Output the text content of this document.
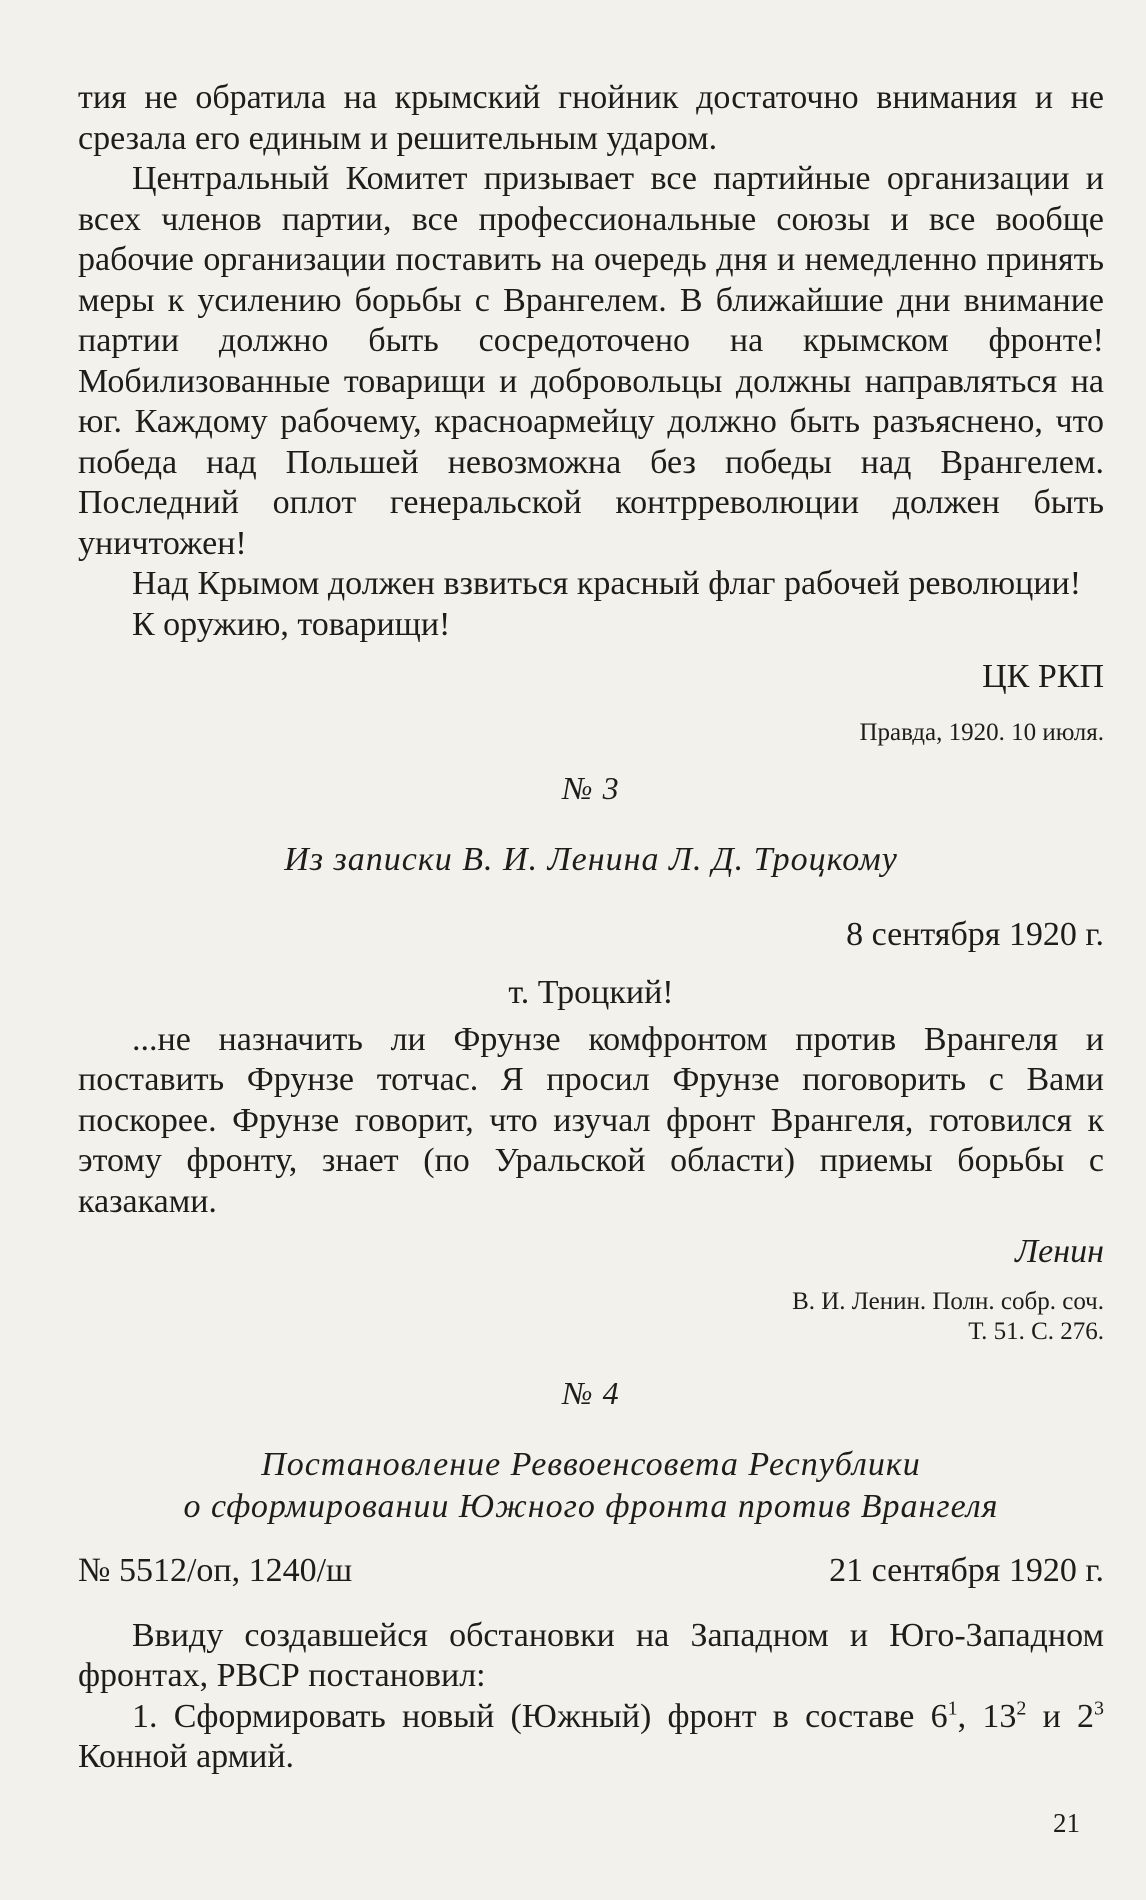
тия не обратила на крымский гнойник достаточно внимания и не срезала его единым и решительным ударом.

Центральный Комитет призывает все партийные организации и всех членов партии, все профессиональные союзы и все вообще рабочие организации поставить на очередь дня и немедленно принять меры к усилению борьбы с Врангелем. В ближайшие дни внимание партии должно быть сосредоточено на крымском фронте! Мобилизованные товарищи и добровольцы должны направляться на юг. Каждому рабочему, красноармейцу должно быть разъяснено, что победа над Польшей невозможна без победы над Врангелем. Последний оплот генеральской контрреволюции должен быть уничтожен!

Над Крымом должен взвиться красный флаг рабочей революции!

К оружию, товарищи!

ЦК РКП

Правда, 1920. 10 июля.

№ 3

Из записки В. И. Ленина Л. Д. Троцкому

8 сентября 1920 г.

т. Троцкий!

...не назначить ли Фрунзе комфронтом против Врангеля и поставить Фрунзе тотчас. Я просил Фрунзе поговорить с Вами поскорее. Фрунзе говорит, что изучал фронт Врангеля, готовился к этому фронту, знает (по Уральской области) приемы борьбы с казаками.

Ленин

В. И. Ленин. Полн. собр. соч.
Т. 51. С. 276.

№ 4

Постановление Реввоенсовета Республики
о сформировании Южного фронта против Врангеля
№ 5512/оп, 1240/ш	21 сентября 1920 г.

Ввиду создавшейся обстановки на Западном и Юго-Западном фронтах, РВСР постановил:

1. Сформировать новый (Южный) фронт в составе $6^1$, $13^2$ и $2^3$ Конной армий.

21
